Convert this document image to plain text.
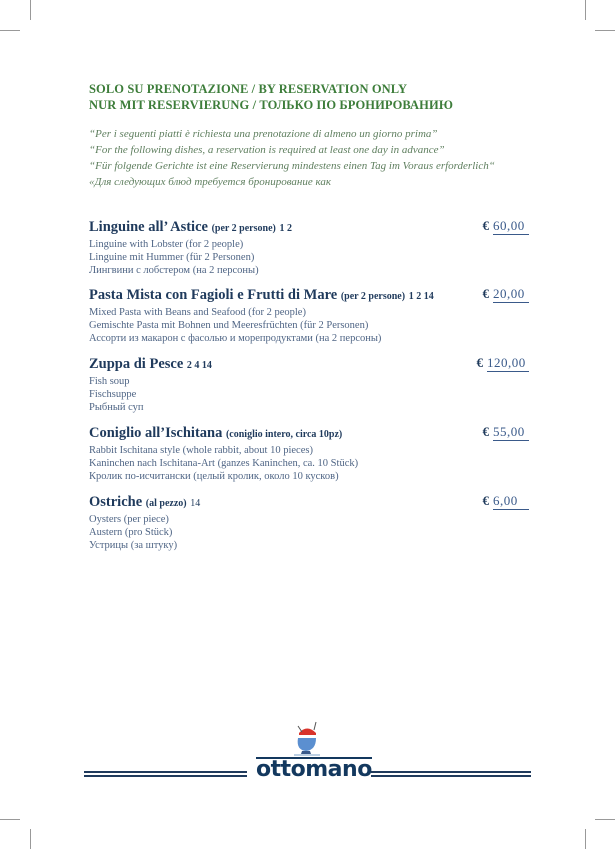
SOLO SU PRENOTAZIONE / BY RESERVATION ONLY
NUR MIT RESERVIERUNG / ТОЛЬКО ПО БРОНИРОВАНИЮ
“Per i seguenti piatti è richiesta una prenotazione di almeno un giorno prima”
“For the following dishes, a reservation is required at least one day in advance”
“Für folgende Gerichte ist eine Reservierung mindestens einen Tag im Voraus erforderlich“
«Для следующих блюд требуется бронирование как
Linguine all’ Astice (per 2 persone) 1 2
Linguine with Lobster (for 2 people)
Linguine mit Hummer (für 2 Personen)
Лингвини с лобстером (на 2 персоны)
€ 60,00
Pasta Mista con Fagioli e Frutti di Mare (per 2 persone) 1 2 14
Mixed Pasta with Beans and Seafood (for 2 people)
Gemischte Pasta mit Bohnen und Meeresfrüchten (für 2 Personen)
Ассорти из макарон с фасолью и морепродуктами (на 2 персоны)
€ 20,00
Zuppa di Pesce 2 4 14
Fish soup
Fischsuppe
Рыбный суп
€ 120,00
Coniglio all’Ischitana (coniglio intero, circa 10pz)
Rabbit Ischitana style (whole rabbit, about 10 pieces)
Kaninchen nach Ischitana-Art (ganzes Kaninchen, ca. 10 Stück)
Кролик по-исчитански (целый кролик, около 10 кусков)
€ 55,00
Ostriche (al pezzo) 14
Oysters (per piece)
Austern (pro Stück)
Устрицы (за штуку)
€ 6,00
ottomano
